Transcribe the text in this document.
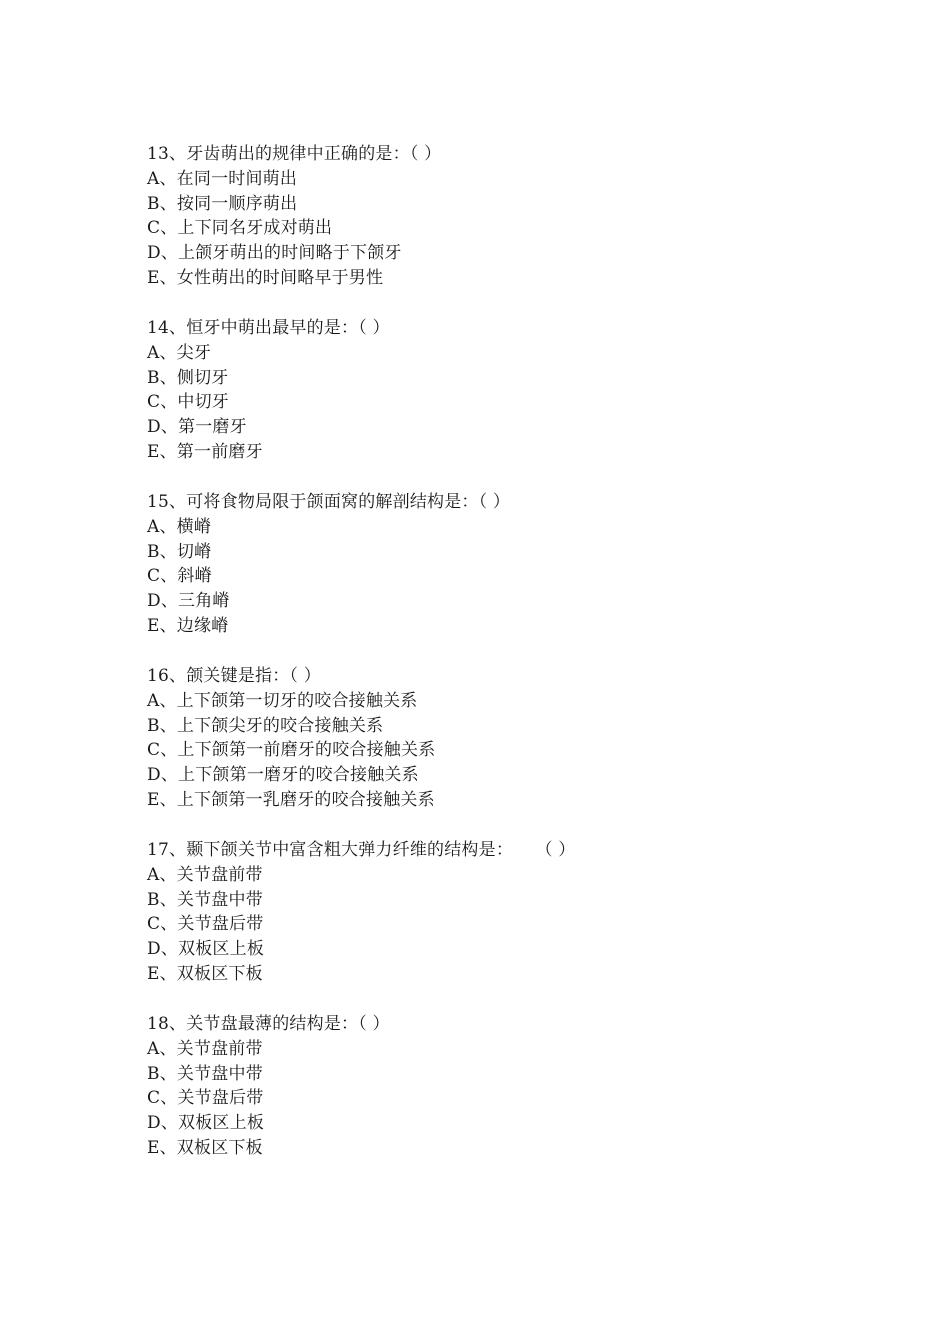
13、牙齿萌出的规律中正确的是：（ ）
A、在同一时间萌出
B、按同一顺序萌出
C、上下同名牙成对萌出
D、上颌牙萌出的时间略于下颌牙
E、女性萌出的时间略早于男性
14、恒牙中萌出最早的是：（ ）
A、尖牙
B、侧切牙
C、中切牙
D、第一磨牙
E、第一前磨牙
15、可将食物局限于颌面窝的解剖结构是：（ ）
A、横嵴
B、切嵴
C、斜嵴
D、三角嵴
E、边缘嵴
16、颌关键是指：（ ）
A、上下颌第一切牙的咬合接触关系
B、上下颌尖牙的咬合接触关系
C、上下颌第一前磨牙的咬合接触关系
D、上下颌第一磨牙的咬合接触关系
E、上下颌第一乳磨牙的咬合接触关系
17、颞下颌关节中富含粗大弹力纤维的结构是：    （ ）
A、关节盘前带
B、关节盘中带
C、关节盘后带
D、双板区上板
E、双板区下板
18、关节盘最薄的结构是：（ ）
A、关节盘前带
B、关节盘中带
C、关节盘后带
D、双板区上板
E、双板区下板
